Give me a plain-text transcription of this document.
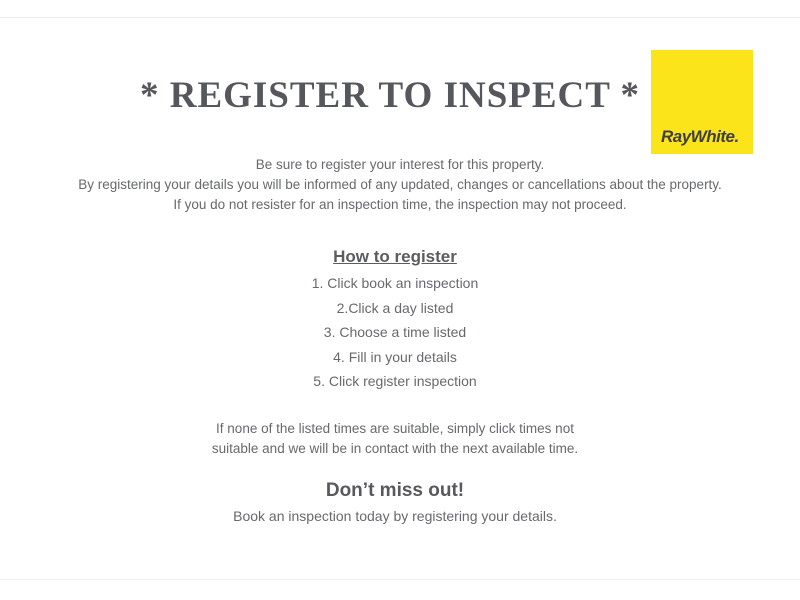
* REGISTER TO INSPECT *
RayWhite.
Be sure to register your interest for this property.
By registering your details you will be informed of any updated, changes or cancellations about the property.
If you do not resister for an inspection time, the inspection may not proceed.
How to register
1. Click book an inspection
2.Click a day listed
3. Choose a time listed
4. Fill in your details
5. Click register inspection
If none of the listed times are suitable, simply click times not
suitable and we will be in contact with the next available time.
Don’t miss out!
Book an inspection today by registering your details.
